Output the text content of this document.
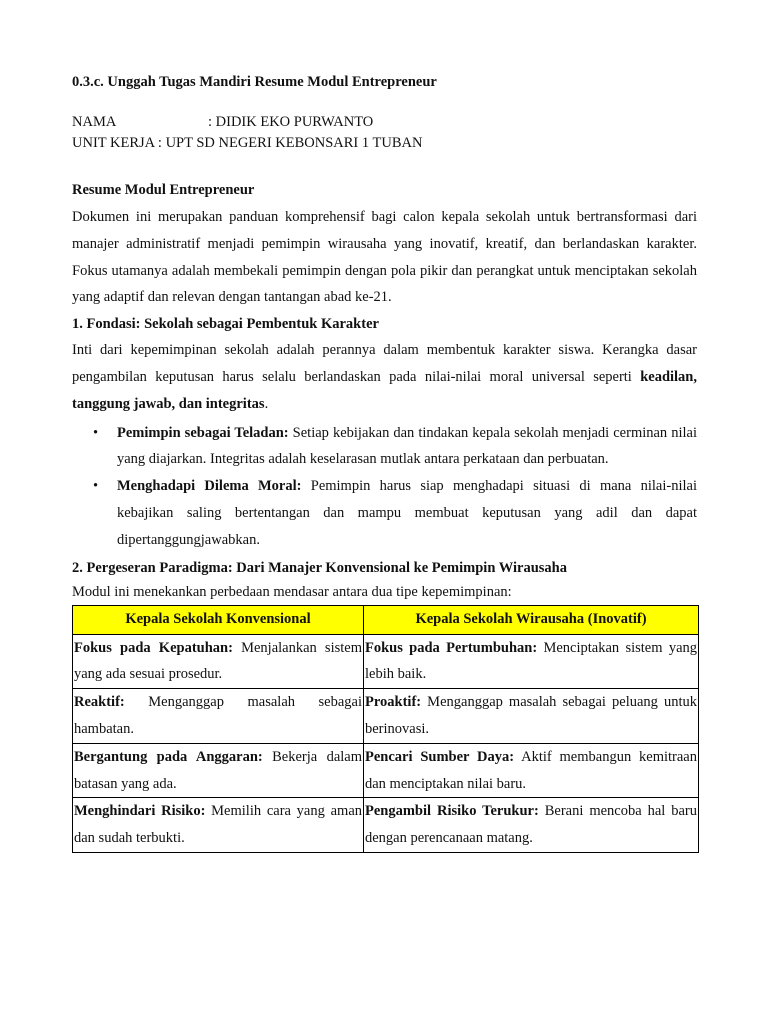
0.3.c. Unggah Tugas Mandiri Resume Modul Entrepreneur

NAMA	: DIDIK EKO PURWANTO
UNIT KERJA : UPT SD NEGERI KEBONSARI 1 TUBAN

Resume Modul Entrepreneur

Dokumen ini merupakan panduan komprehensif bagi calon kepala sekolah untuk bertransformasi dari manajer administratif menjadi pemimpin wirausaha yang inovatif, kreatif, dan berlandaskan karakter. Fokus utamanya adalah membekali pemimpin dengan pola pikir dan perangkat untuk menciptakan sekolah yang adaptif dan relevan dengan tantangan abad ke-21.

1. Fondasi: Sekolah sebagai Pembentuk Karakter

Inti dari kepemimpinan sekolah adalah perannya dalam membentuk karakter siswa. Kerangka dasar pengambilan keputusan harus selalu berlandaskan pada nilai-nilai moral universal seperti keadilan, tanggung jawab, dan integritas.

• Pemimpin sebagai Teladan: Setiap kebijakan dan tindakan kepala sekolah menjadi cerminan nilai yang diajarkan. Integritas adalah keselarasan mutlak antara perkataan dan perbuatan.
• Menghadapi Dilema Moral: Pemimpin harus siap menghadapi situasi di mana nilai-nilai kebajikan saling bertentangan dan mampu membuat keputusan yang adil dan dapat dipertanggungjawabkan.

2. Pergeseran Paradigma: Dari Manajer Konvensional ke Pemimpin Wirausaha

Modul ini menekankan perbedaan mendasar antara dua tipe kepemimpinan:

Kepala Sekolah Konvensional	Kepala Sekolah Wirausaha (Inovatif)
Fokus pada Kepatuhan: Menjalankan sistem yang ada sesuai prosedur.	Fokus pada Pertumbuhan: Menciptakan sistem yang lebih baik.
Reaktif: Menganggap masalah sebagai hambatan.	Proaktif: Menganggap masalah sebagai peluang untuk berinovasi.
Bergantung pada Anggaran: Bekerja dalam batasan yang ada.	Pencari Sumber Daya: Aktif membangun kemitraan dan menciptakan nilai baru.
Menghindari Risiko: Memilih cara yang aman dan sudah terbukti.	Pengambil Risiko Terukur: Berani mencoba hal baru dengan perencanaan matang.
